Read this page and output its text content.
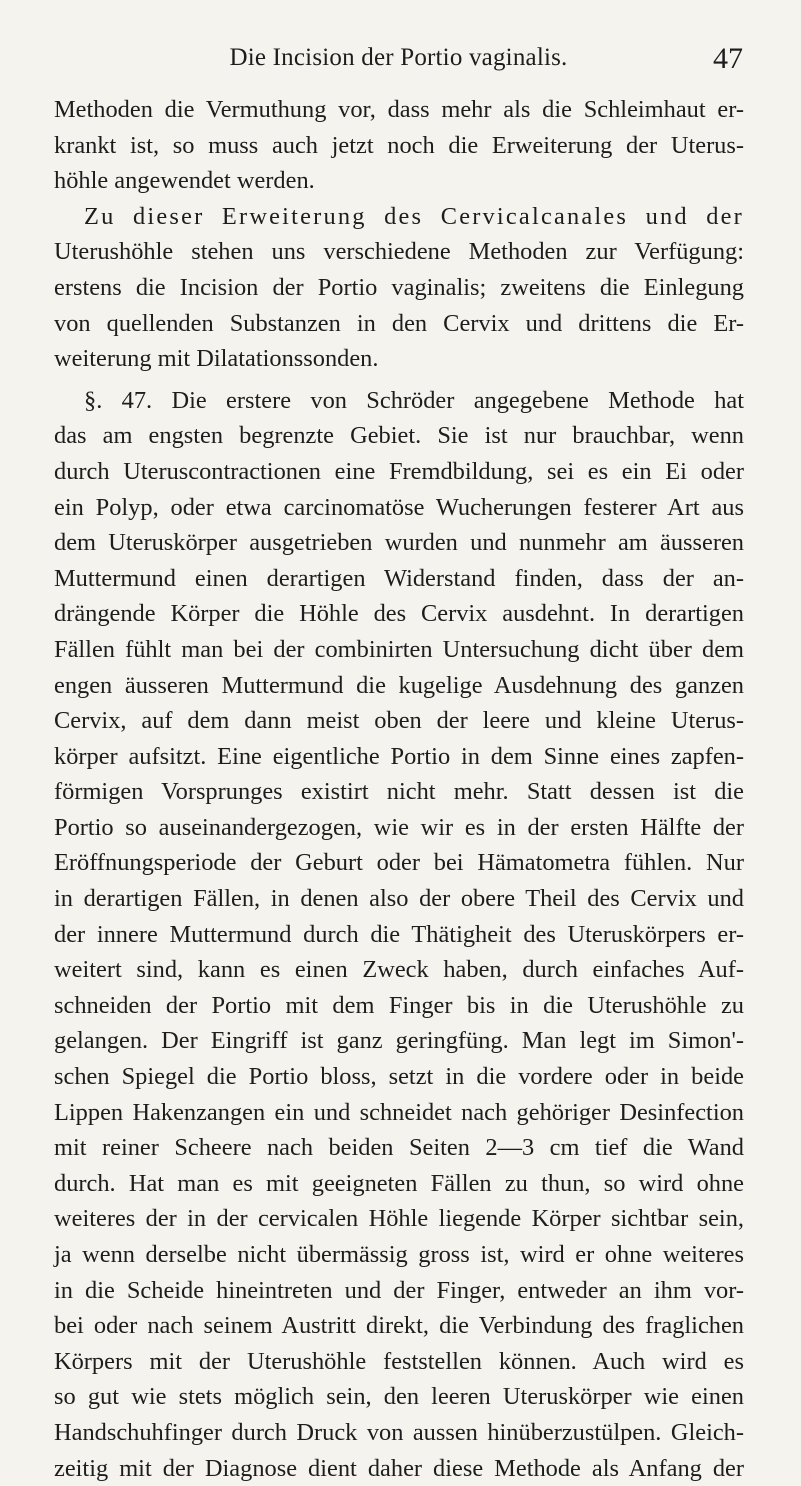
Die Incision der Portio vaginalis.	47
Methoden die Vermuthung vor, dass mehr als die Schleimhaut er-
krankt ist, so muss auch jetzt noch die Erweiterung der Uterus-
höhle angewendet werden.
Zu dieser Erweiterung des Cervicalcanales und der
Uterushöhle stehen uns verschiedene Methoden zur Verfügung:
erstens die Incision der Portio vaginalis; zweitens die Einlegung
von quellenden Substanzen in den Cervix und drittens die Er-
weiterung mit Dilatationssonden.
§. 47. Die erstere von Schröder angegebene Methode hat
das am engsten begrenzte Gebiet. Sie ist nur brauchbar, wenn
durch Uteruscontractionen eine Fremdbildung, sei es ein Ei oder
ein Polyp, oder etwa carcinomatöse Wucherungen festerer Art aus
dem Uteruskörper ausgetrieben wurden und nunmehr am äusseren
Muttermund einen derartigen Widerstand finden, dass der an-
drängende Körper die Höhle des Cervix ausdehnt. In derartigen
Fällen fühlt man bei der combinirten Untersuchung dicht über dem
engen äusseren Muttermund die kugelige Ausdehnung des ganzen
Cervix, auf dem dann meist oben der leere und kleine Uterus-
körper aufsitzt. Eine eigentliche Portio in dem Sinne eines zapfen-
förmigen Vorsprunges existirt nicht mehr. Statt dessen ist die
Portio so auseinandergezogen, wie wir es in der ersten Hälfte der
Eröffnungsperiode der Geburt oder bei Hämatometra fühlen. Nur
in derartigen Fällen, in denen also der obere Theil des Cervix und
der innere Muttermund durch die Thätigheit des Uteruskörpers er-
weitert sind, kann es einen Zweck haben, durch einfaches Auf-
schneiden der Portio mit dem Finger bis in die Uterushöhle zu
gelangen. Der Eingriff ist ganz geringfüng. Man legt im Simon'-
schen Spiegel die Portio bloss, setzt in die vordere oder in beide
Lippen Hakenzangen ein und schneidet nach gehöriger Desinfection
mit reiner Scheere nach beiden Seiten 2—3 cm tief die Wand
durch. Hat man es mit geeigneten Fällen zu thun, so wird ohne
weiteres der in der cervicalen Höhle liegende Körper sichtbar sein,
ja wenn derselbe nicht übermässig gross ist, wird er ohne weiteres
in die Scheide hineintreten und der Finger, entweder an ihm vor-
bei oder nach seinem Austritt direkt, die Verbindung des fraglichen
Körpers mit der Uterushöhle feststellen können. Auch wird es
so gut wie stets möglich sein, den leeren Uteruskörper wie einen
Handschuhfinger durch Druck von aussen hinüberzustülpen. Gleich-
zeitig mit der Diagnose dient daher diese Methode als Anfang der
